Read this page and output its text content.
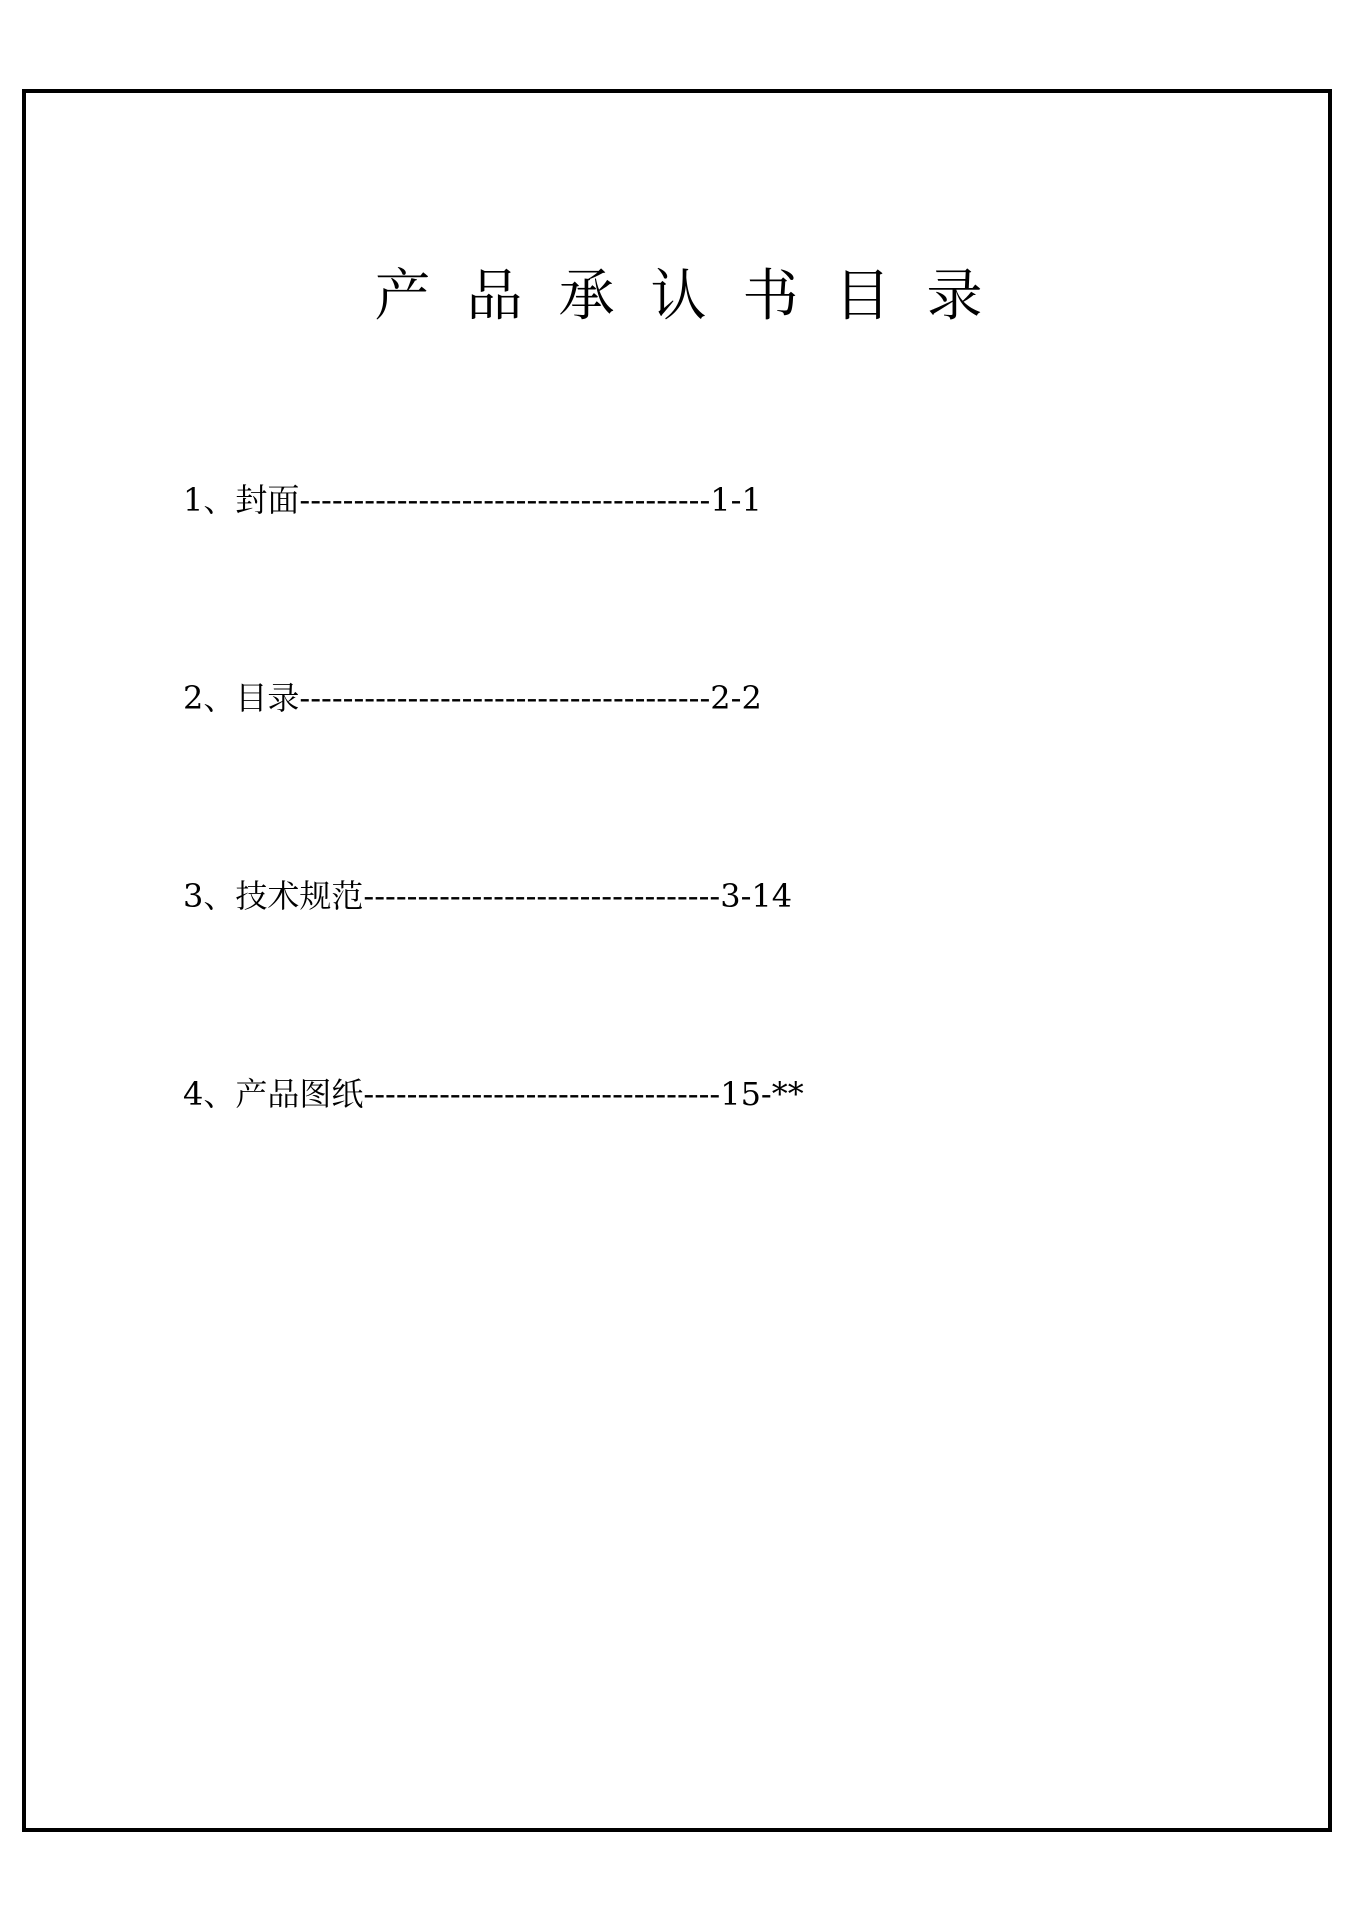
产品承认书目录
1 、 封面 -------------------------------------- 1-1
2 、 目录 -------------------------------------- 2-2
3 、 技术规范 --------------------------------- 3-14
4 、 产品图纸 --------------------------------- 15-**
